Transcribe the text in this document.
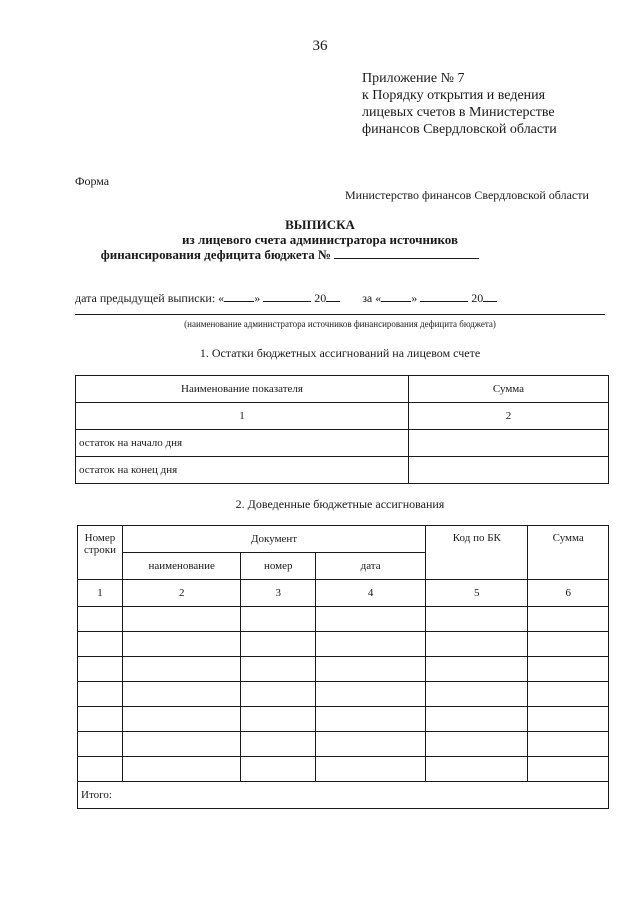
36
Приложение № 7
к Порядку открытия и ведения
лицевых счетов в Министерстве
финансов Свердловской области
Форма
Министерство финансов Свердловской области
ВЫПИСКА
из лицевого счета администратора источников
финансирования дефицита бюджета №
дата предыдущей выписки: «	»	20	за «	»	20
(наименование администратора источников финансирования дефицита бюджета)
1. Остатки бюджетных ассигнований на лицевом счете
Наименование показателя	Сумма
1	2
остаток на начало дня	
остаток на конец дня	
2. Доведенные бюджетные ассигнования
Номер строки	Документ			Код по БК	Сумма
	наименование	номер	дата		
1	2	3	4	5	6

Итого:					
